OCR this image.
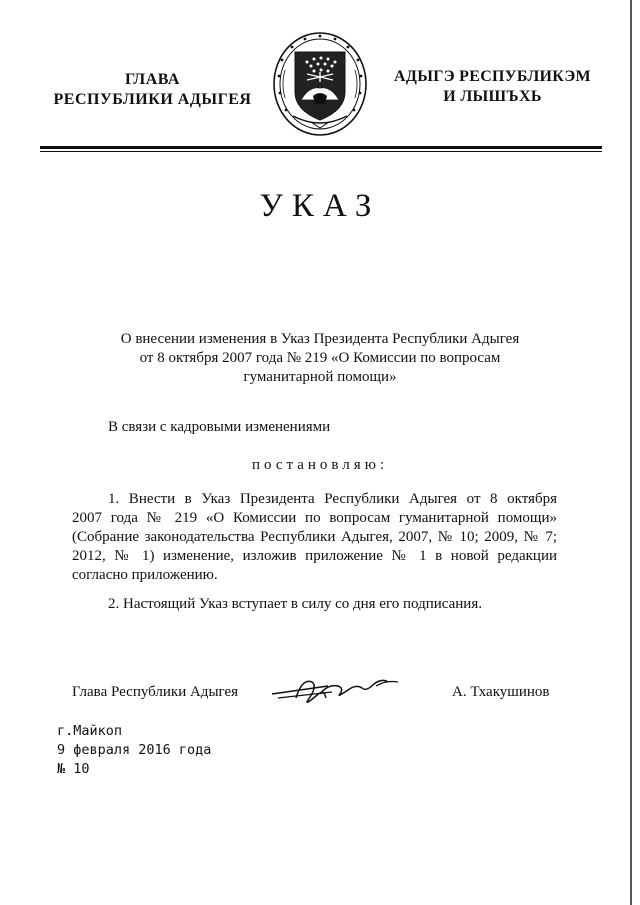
ГЛАВА
РЕСПУБЛИКИ АДЫГЕЯ
АДЫГЭ РЕСПУБЛИКЭМ
И ЛЫШЪХЬ
УКАЗ
О внесении изменения в Указ Президента Республики Адыгея
от 8 октября 2007 года № 219 «О Комиссии по вопросам
гуманитарной помощи»
В связи с кадровыми изменениями
постановляю:
1. Внести в Указ Президента Республики Адыгея от 8 октября
2007 года № 219 «О Комиссии по вопросам гуманитарной помощи»
(Собрание законодательства Республики Адыгея, 2007, № 10; 2009, № 7;
2012, № 1) изменение, изложив приложение № 1 в новой редакции
согласно приложению.
2. Настоящий Указ вступает в силу со дня его подписания.
Глава Республики Адыгея	А. Тхакушинов
г.Майкоп
9 февраля 2016 года
№ 10
